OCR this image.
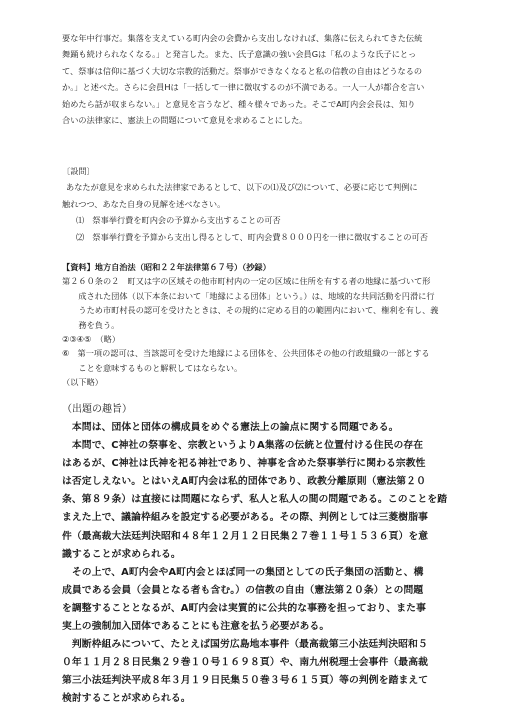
要な年中行事だ。集落を支えている町内会の会費から支出しなければ、集落に伝えられてきた伝統
舞踊も続けられなくなる。」と発言した。また、氏子意識の強い会員Gは「私のような氏子にとっ
て、祭事は信仰に基づく大切な宗教的活動だ。祭事ができなくなると私の信教の自由はどうなるの
か。」と述べた。さらに会員Hは「一括して一律に徴収するのが不満である。一人一人が都合を言い
始めたら話が収まらない。」と意見を言うなど、種々様々であった。そこでA町内会会長は、知り
合いの法律家に、憲法上の問題について意見を求めることにした。
〔設問〕
あなたが意見を求められた法律家であるとして、以下の⑴及び⑵について、必要に応じて判例に
触れつつ、あなた自身の見解を述べなさい。
⑴　祭事挙行費を町内会の予算から支出することの可否
⑵　祭事挙行費を予算から支出し得るとして、町内会費８０００円を一律に徴収することの可否
【資料】地方自治法（昭和２２年法律第６７号）（抄録）
第２６０条の２　町又は字の区域その他市町村内の一定の区域に住所を有する者の地縁に基づいて形
　　成された団体（以下本条において「地縁による団体」という。）は、地域的な共同活動を円滑に行
　　うため市町村長の認可を受けたときは、その規約に定める目的の範囲内において、権利を有し、義
　　務を負う。
②③④⑤　（略）
⑥　第一項の認可は、当該認可を受けた地縁による団体を、公共団体その他の行政組織の一部とする
　　ことを意味するものと解釈してはならない。
（以下略）
（出題の趣旨）
　本問は、団体と団体の構成員をめぐる憲法上の論点に関する問題である。
　本問で、C神社の祭事を、宗教というよりA集落の伝統と位置付ける住民の存在
はあるが、C神社は氏神を祀る神社であり、神事を含めた祭事挙行に関わる宗教性
は否定しえない。とはいえA町内会は私的団体であり、政教分離原則（憲法第２０
条、第８９条）は直接には問題にならず、私人と私人の間の問題である。このことを踏
まえた上で、議論枠組みを設定する必要がある。その際、判例としては三菱樹脂事
件（最高裁大法廷判決昭和４８年１２月１２日民集２７巻１１号１５３６頁）を意
識することが求められる。
　その上で、A町内会やA町内会とほぼ同一の集団としての氏子集団の活動と、構
成員である会員（会員となる者も含む。）の信教の自由（憲法第２０条）との問題
を調整することとなるが、A町内会は実質的に公共的な事務を担っており、また事
実上の強制加入団体であることにも注意を払う必要がある。
　判断枠組みについて、たとえば国労広島地本事件（最高裁第三小法廷判決昭和５
０年１１月２８日民集２９巻１０号１６９８頁）や、南九州税理士会事件（最高裁
第三小法廷判決平成８年３月１９日民集５０巻３号６１５頁）等の判例を踏まえて
検討することが求められる。
